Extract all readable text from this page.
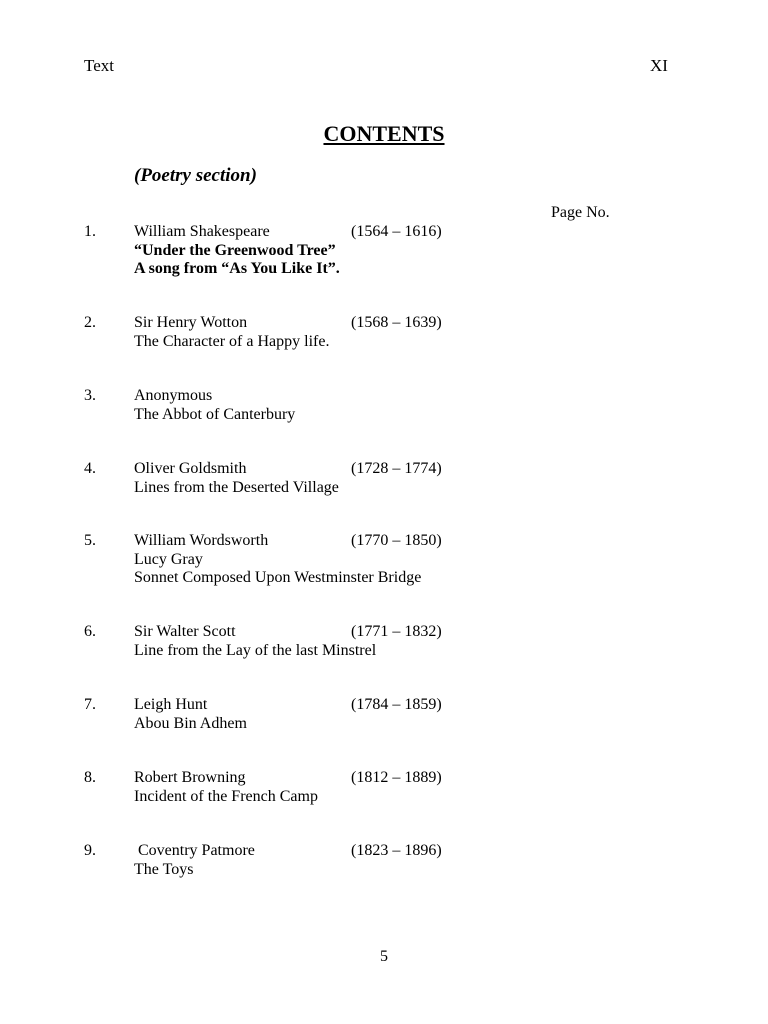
Text	XI
CONTENTS
(Poetry section)
Page No.
1. William Shakespeare	(1564 – 1616)
“Under the Greenwood Tree”
A song from “As You Like It”.
2. Sir Henry Wotton	(1568 – 1639)
The Character of a Happy life.
3. Anonymous
The Abbot of Canterbury
4. Oliver Goldsmith	(1728 – 1774)
Lines from the Deserted Village
5. William Wordsworth	(1770 – 1850)
Lucy Gray
Sonnet Composed Upon Westminster Bridge
6. Sir Walter Scott	(1771 – 1832)
Line from the Lay of the last Minstrel
7. Leigh Hunt	(1784 – 1859)
Abou Bin Adhem
8. Robert Browning	(1812 – 1889)
Incident of the French Camp
9. Coventry Patmore	(1823 – 1896)
The Toys
5
